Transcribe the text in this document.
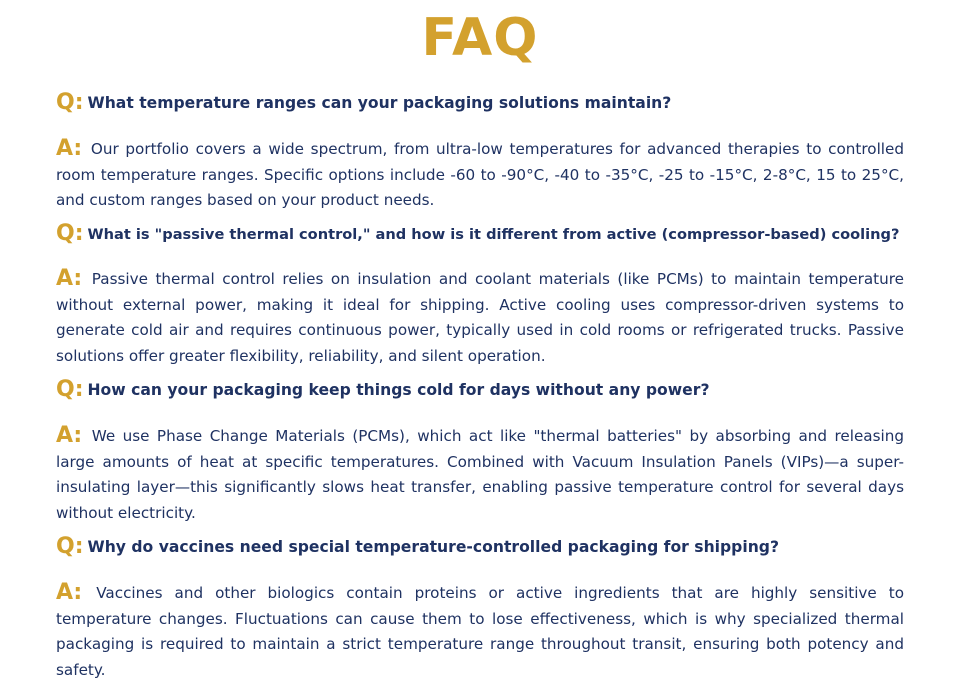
FAQ
Q: What temperature ranges can your packaging solutions maintain?
A: Our portfolio covers a wide spectrum, from ultra-low temperatures for advanced therapies to controlled room temperature ranges. Specific options include -60 to -90°C, -40 to -35°C, -25 to -15°C, 2-8°C, 15 to 25°C, and custom ranges based on your product needs.
Q: What is "passive thermal control," and how is it different from active (compressor-based) cooling?
A: Passive thermal control relies on insulation and coolant materials (like PCMs) to maintain temperature without external power, making it ideal for shipping. Active cooling uses compressor-driven systems to generate cold air and requires continuous power, typically used in cold rooms or refrigerated trucks. Passive solutions offer greater flexibility, reliability, and silent operation.
Q: How can your packaging keep things cold for days without any power?
A: We use Phase Change Materials (PCMs), which act like "thermal batteries" by absorbing and releasing large amounts of heat at specific temperatures. Combined with Vacuum Insulation Panels (VIPs)—a super-insulating layer—this significantly slows heat transfer, enabling passive temperature control for several days without electricity.
Q: Why do vaccines need special temperature-controlled packaging for shipping?
A: Vaccines and other biologics contain proteins or active ingredients that are highly sensitive to temperature changes. Fluctuations can cause them to lose effectiveness, which is why specialized thermal packaging is required to maintain a strict temperature range throughout transit, ensuring both potency and safety.
